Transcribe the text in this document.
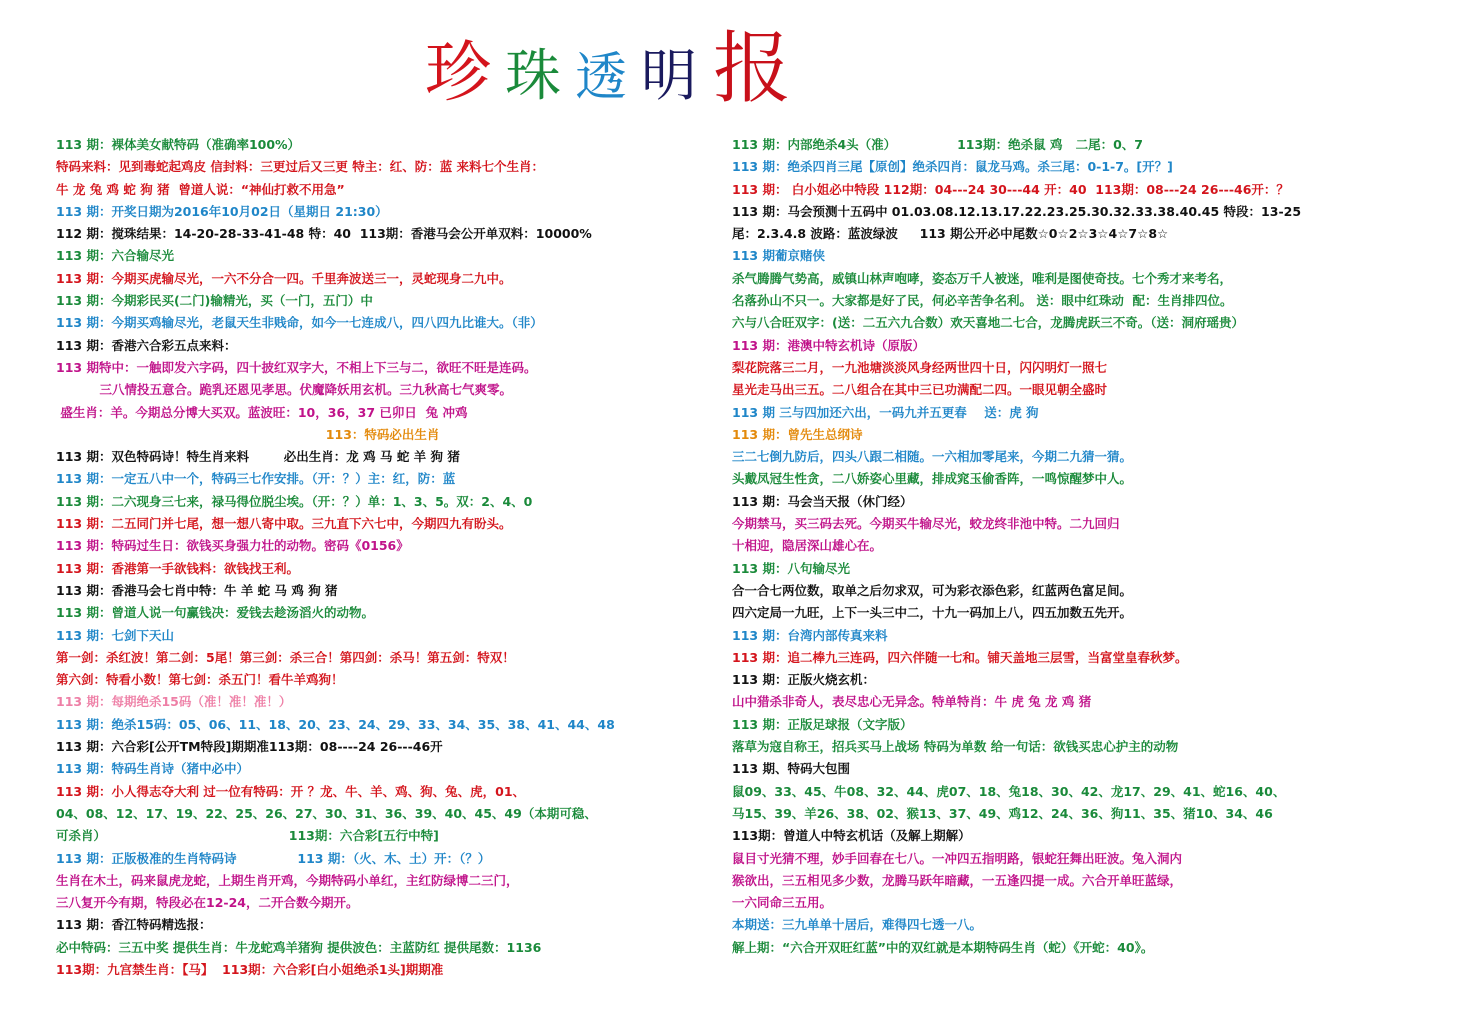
珍 珠 透 明 报
113 期：裸体美女献特码（准确率100%）
特码来料：见到毒蛇起鸡皮 信封料：三更过后又三更 特主：红、防：蓝 来料七个生肖：
牛 龙 兔 鸡 蛇 狗 猪  曾道人说：“神仙打救不用急”
113 期：开奖日期为2016年10月02日（星期日 21:30）
112 期：搅珠结果：14-20-28-33-41-48 特：40  113期：香港马会公开单双料：10000%
113 期：六合输尽光
113 期：今期买虎输尽光，一六不分合一四。千里奔波送三一，灵蛇现身二九中。
113 期：今期彩民买(二门)输精光，买（一门，五门）中
113 期：今期买鸡输尽光，老鼠天生非贱命，如今一七连成八，四八四九比谁大。（非）
113 期：香港六合彩五点来料：
113 期特中：一触即发六字码，四十披红双字大，不相上下三与二，欲旺不旺是连码。
三八情投五意合。跪乳还恩见孝思。伏魔降妖用玄机。三九秋高七气爽零。
盛生肖：羊。今期总分博大买双。蓝波旺：10，36，37 已卯日  兔 冲鸡
113：特码必出生肖
113 期：双色特码诗！特生肖来料        必出生肖：龙 鸡 马 蛇 羊 狗 猪
113 期：一定五八中一个，特码三七作安排。（开：？）主：红，防：蓝
113 期：二六现身三七来，禄马得位脱尘埃。（开：？）单：1、3、5。双：2、4、0
113 期：二五同门并七尾，想一想八寄中取。三九直下六七中，今期四九有盼头。
113 期：特码过生日：欲钱买身强力壮的动物。密码《0156》
113 期：香港第一手欲钱料：欲钱找王利。
113 期：香港马会七肖中特：牛 羊 蛇 马 鸡 狗 猪
113 期：曾道人说一句赢钱决：爱钱去趁汤滔火的动物。
113 期：七剑下天山
第一剑：杀红波！第二剑：5尾！第三剑：杀三合！第四剑：杀马！第五剑：特双！
第六剑：特看小数！第七剑：杀五门！看牛羊鸡狗！
113 期：每期绝杀15码（准！准！准！）
113 期：绝杀15码：05、06、11、18、20、23、24、29、33、34、35、38、41、44、48
113 期：六合彩[公开TM特段]期期准113期：08----24 26---46开
113 期：特码生肖诗（猪中必中）
113 期：小人得志夺大利 过一位有特码：开 ？龙、牛、羊、鸡、狗、兔、虎，01、
04、08、12、17、19、22、25、26、27、30、31、36、39、40、45、49（本期可稳、
可杀肖）                                          113期：六合彩[五行中特]
113 期：正版极准的生肖特码诗              113 期：（火、木、土）开：（？）
生肖在木土，码来鼠虎龙蛇，上期生肖开鸡，今期特码小单红，主红防绿博二三门，
三八复开今有期，特段必在12-24，二开合数今期开。
113 期：香江特码精选报：
必中特码：三五中奖 提供生肖：牛龙蛇鸡羊猪狗 提供波色：主蓝防红 提供尾数：1136
113期：九宫禁生肖：【马】  113期：六合彩[白小姐绝杀1头]期期准
113 期：内部绝杀4头（准）              113期：绝杀鼠 鸡   二尾：0、7
113 期：绝杀四肖三尾【原创】绝杀四肖：鼠龙马鸡。杀三尾：0-1-7。[开？]
113 期： 白小姐必中特段 112期：04---24 30---44 开：40  113期：08---24 26---46开：？
113 期：马会预测十五码中 01.03.08.12.13.17.22.23.25.30.32.33.38.40.45 特段：13-25
尾：2.3.4.8 波路：蓝波绿波     113 期公开必中尾数☆0☆2☆3☆4☆7☆8☆
113 期葡京赌侠
杀气腾腾气势高，威镇山林声咆哮，姿态万千人被迷，唯利是图使奇技。七个秀才来考名，
名落孙山不只一。大家都是好了民，何必辛苦争名利。 送：眼中红珠动  配：生肖排四位。
六与八合旺双字：(送：二五六九合数）欢天喜地二七合，龙腾虎跃三不奇。（送：洞府瑶贵）
113 期：港澳中特玄机诗（原版）
梨花院落三二月，一九池塘淡淡风身经两世四十日，闪闪明灯一照七
星光走马出三五。二八组合在其中三已功满配二四。一眼见朝全盛时
113 期 三与四加还六出，一码九并五更春    送：虎 狗
113 期：曾先生总纲诗
三二七倒九防后，四头八跟二相随。一六相加零尾来，今期二九猜一猜。
头戴凤冠生性贪，二八娇姿心里藏，排成窕玉偷香阵，一鸣惊醒梦中人。
113 期：马会当天报（休门经）
今期禁马，买三码去死。今期买牛输尽光，蛟龙终非池中特。二九回归
十相迎，隐居深山雄心在。
113 期：八句输尽光
合一合七两位数，取单之后勿求双，可为彩衣添色彩，红蓝两色富足间。
四六定局一九旺，上下一头三中二，十九一码加上八，四五加数五先开。
113 期：台湾内部传真来料
113 期：追二棒九三连码，四六伴随一七和。铺天盖地三层雪，当富堂皇春秋梦。
113 期：正版火烧玄机：
山中猎杀非奇人，表尽忠心无异念。特单特肖：牛 虎 兔 龙 鸡 猪
113 期：正版足球报（文字版）
落草为寇自称王，招兵买马上战场 特码为单数 给一句话：欲钱买忠心护主的动物
113 期、特码大包围
鼠09、33、45、牛08、32、44、虎07、18、兔18、30、42、龙17、29、41、蛇16、40、
马15、39、羊26、38、02、猴13、37、49、鸡12、24、36、狗11、35、猪10、34、46
113期：曾道人中特玄机话（及解上期解）
鼠目寸光猜不理，妙手回春在七八。一冲四五指明路，银蛇狂舞出旺波。兔入洞内
猴欲出，三五相见多少数，龙腾马跃年暗藏，一五逢四提一成。六合开单旺蓝绿，
一六同命三五用。
本期送：三九单单十居后，难得四七透一八。
解上期：“六合开双旺红蓝”中的双红就是本期特码生肖（蛇）《开蛇：40》。
